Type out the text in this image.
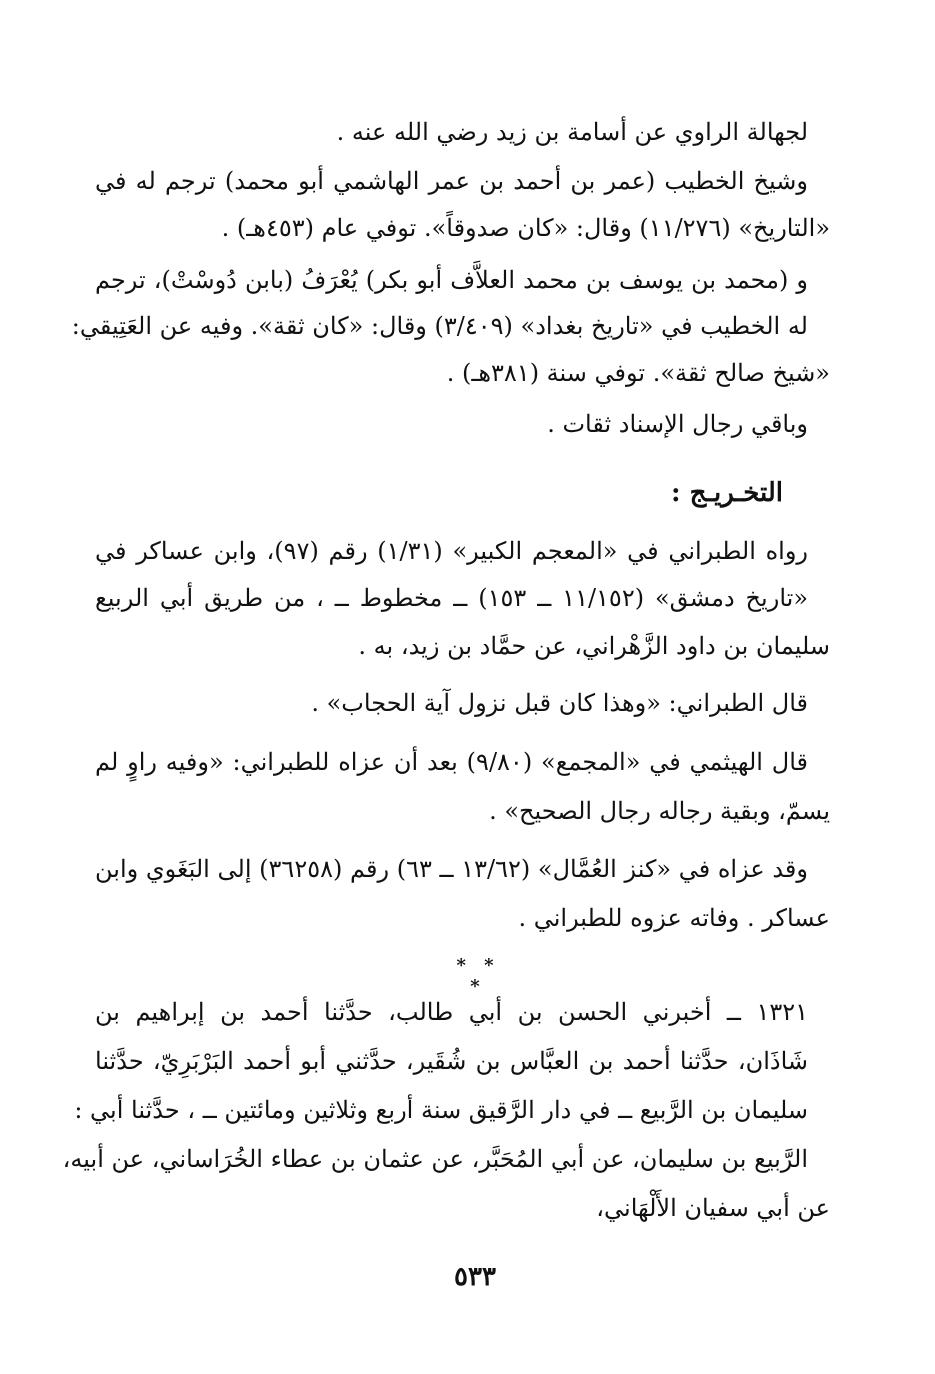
لجهالة الراوي عن أسامة بن زيد رضي الله عنه .
وشيخ الخطيب (عمر بن أحمد بن عمر الهاشمي أبو محمد) ترجم له في
«التاريخ» (١١/٢٧٦) وقال: «كان صدوقاً». توفي عام (٤٥٣هـ) .
و (محمد بن يوسف بن محمد العلاَّف أبو بكر) يُعْرَفُ (بابن دُوسْتْ)، ترجم
له الخطيب في «تاريخ بغداد» (٣/٤٠٩) وقال: «كان ثقة». وفيه عن العَتِيقي:
«شيخ صالح ثقة». توفي سنة (٣٨١هـ) .
وباقي رجال الإسناد ثقات .
التخـريـج :
رواه الطبراني في «المعجم الكبير» (١/٣١) رقم (٩٧)، وابن عساكر في
«تاريخ دمشق» (١١/١٥٢ ــ ١٥٣) ــ مخطوط ــ ، من طريق أبي الربيع
سليمان بن داود الزَّهْراني، عن حمَّاد بن زيد، به .
قال الطبراني: «وهذا كان قبل نزول آية الحجاب» .
قال الهيثمي في «المجمع» (٩/٨٠) بعد أن عزاه للطبراني: «وفيه راوٍ لم
يسمّ، وبقية رجاله رجال الصحيح» .
وقد عزاه في «كنز العُمَّال» (١٣/٦٢ ــ ٦٣) رقم (٣٦٢٥٨) إلى البَغَوي وابن
عساكر . وفاته عزوه للطبراني .
* * *
١٣٢١ ــ أخبرني الحسن بن أبي طالب، حدَّثنا أحمد بن إبراهيم بن
شَاذَان، حدَّثنا أحمد بن العبَّاس بن شُقَير، حدَّثني أبو أحمد البَرْبَرِيّ، حدَّثنا
سليمان بن الرَّبيع ــ في دار الرَّقيق سنة أربع وثلاثين ومائتين ــ ، حدَّثنا أبي :
الرَّبيع بن سليمان، عن أبي المُحَبَّر، عن عثمان بن عطاء الخُرَاساني، عن أبيه،
عن أبي سفيان الأَلْهَاني،
٥٣٣
